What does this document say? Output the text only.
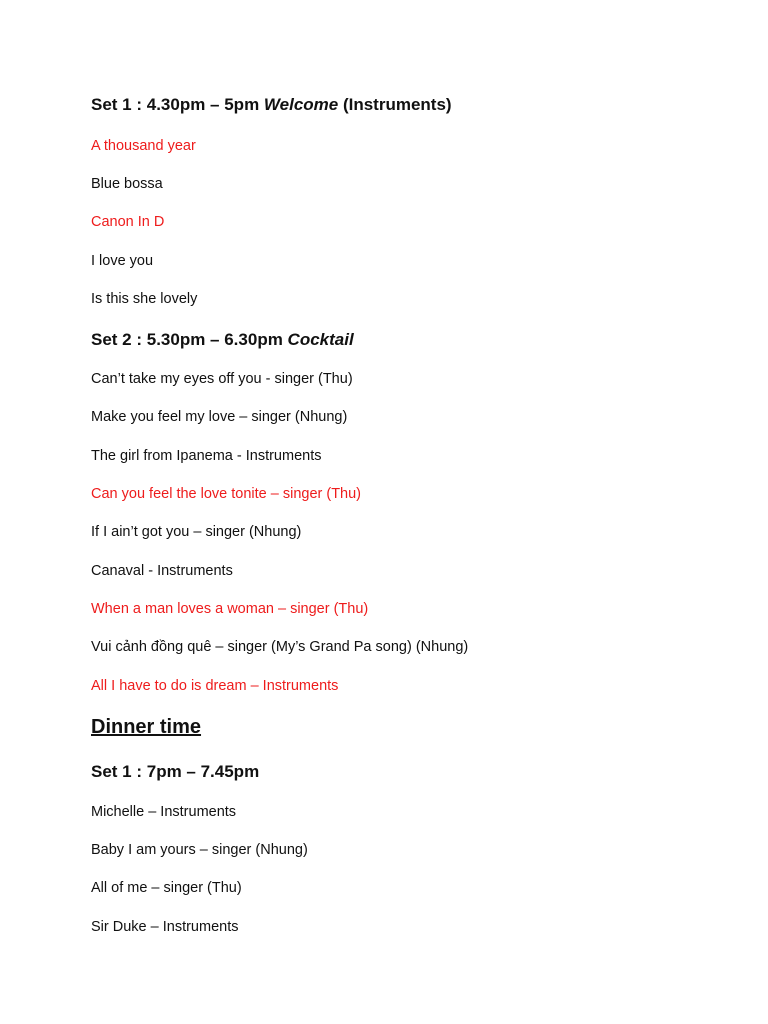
Set 1 : 4.30pm – 5pm Welcome (Instruments)
A thousand year
Blue bossa
Canon In D
I love you
Is this she lovely
Set 2 : 5.30pm – 6.30pm Cocktail
Can’t take my eyes off you - singer (Thu)
Make you feel my love – singer (Nhung)
The girl from Ipanema - Instruments
Can you feel the love tonite – singer (Thu)
If I ain’t got you – singer (Nhung)
Canaval - Instruments
When a man loves a woman – singer (Thu)
Vui cảnh đồng quê – singer (My’s Grand Pa song) (Nhung)
All I have to do is dream – Instruments
Dinner time
Set 1 : 7pm – 7.45pm
Michelle – Instruments
Baby I am yours – singer (Nhung)
All of me – singer (Thu)
Sir Duke – Instruments
